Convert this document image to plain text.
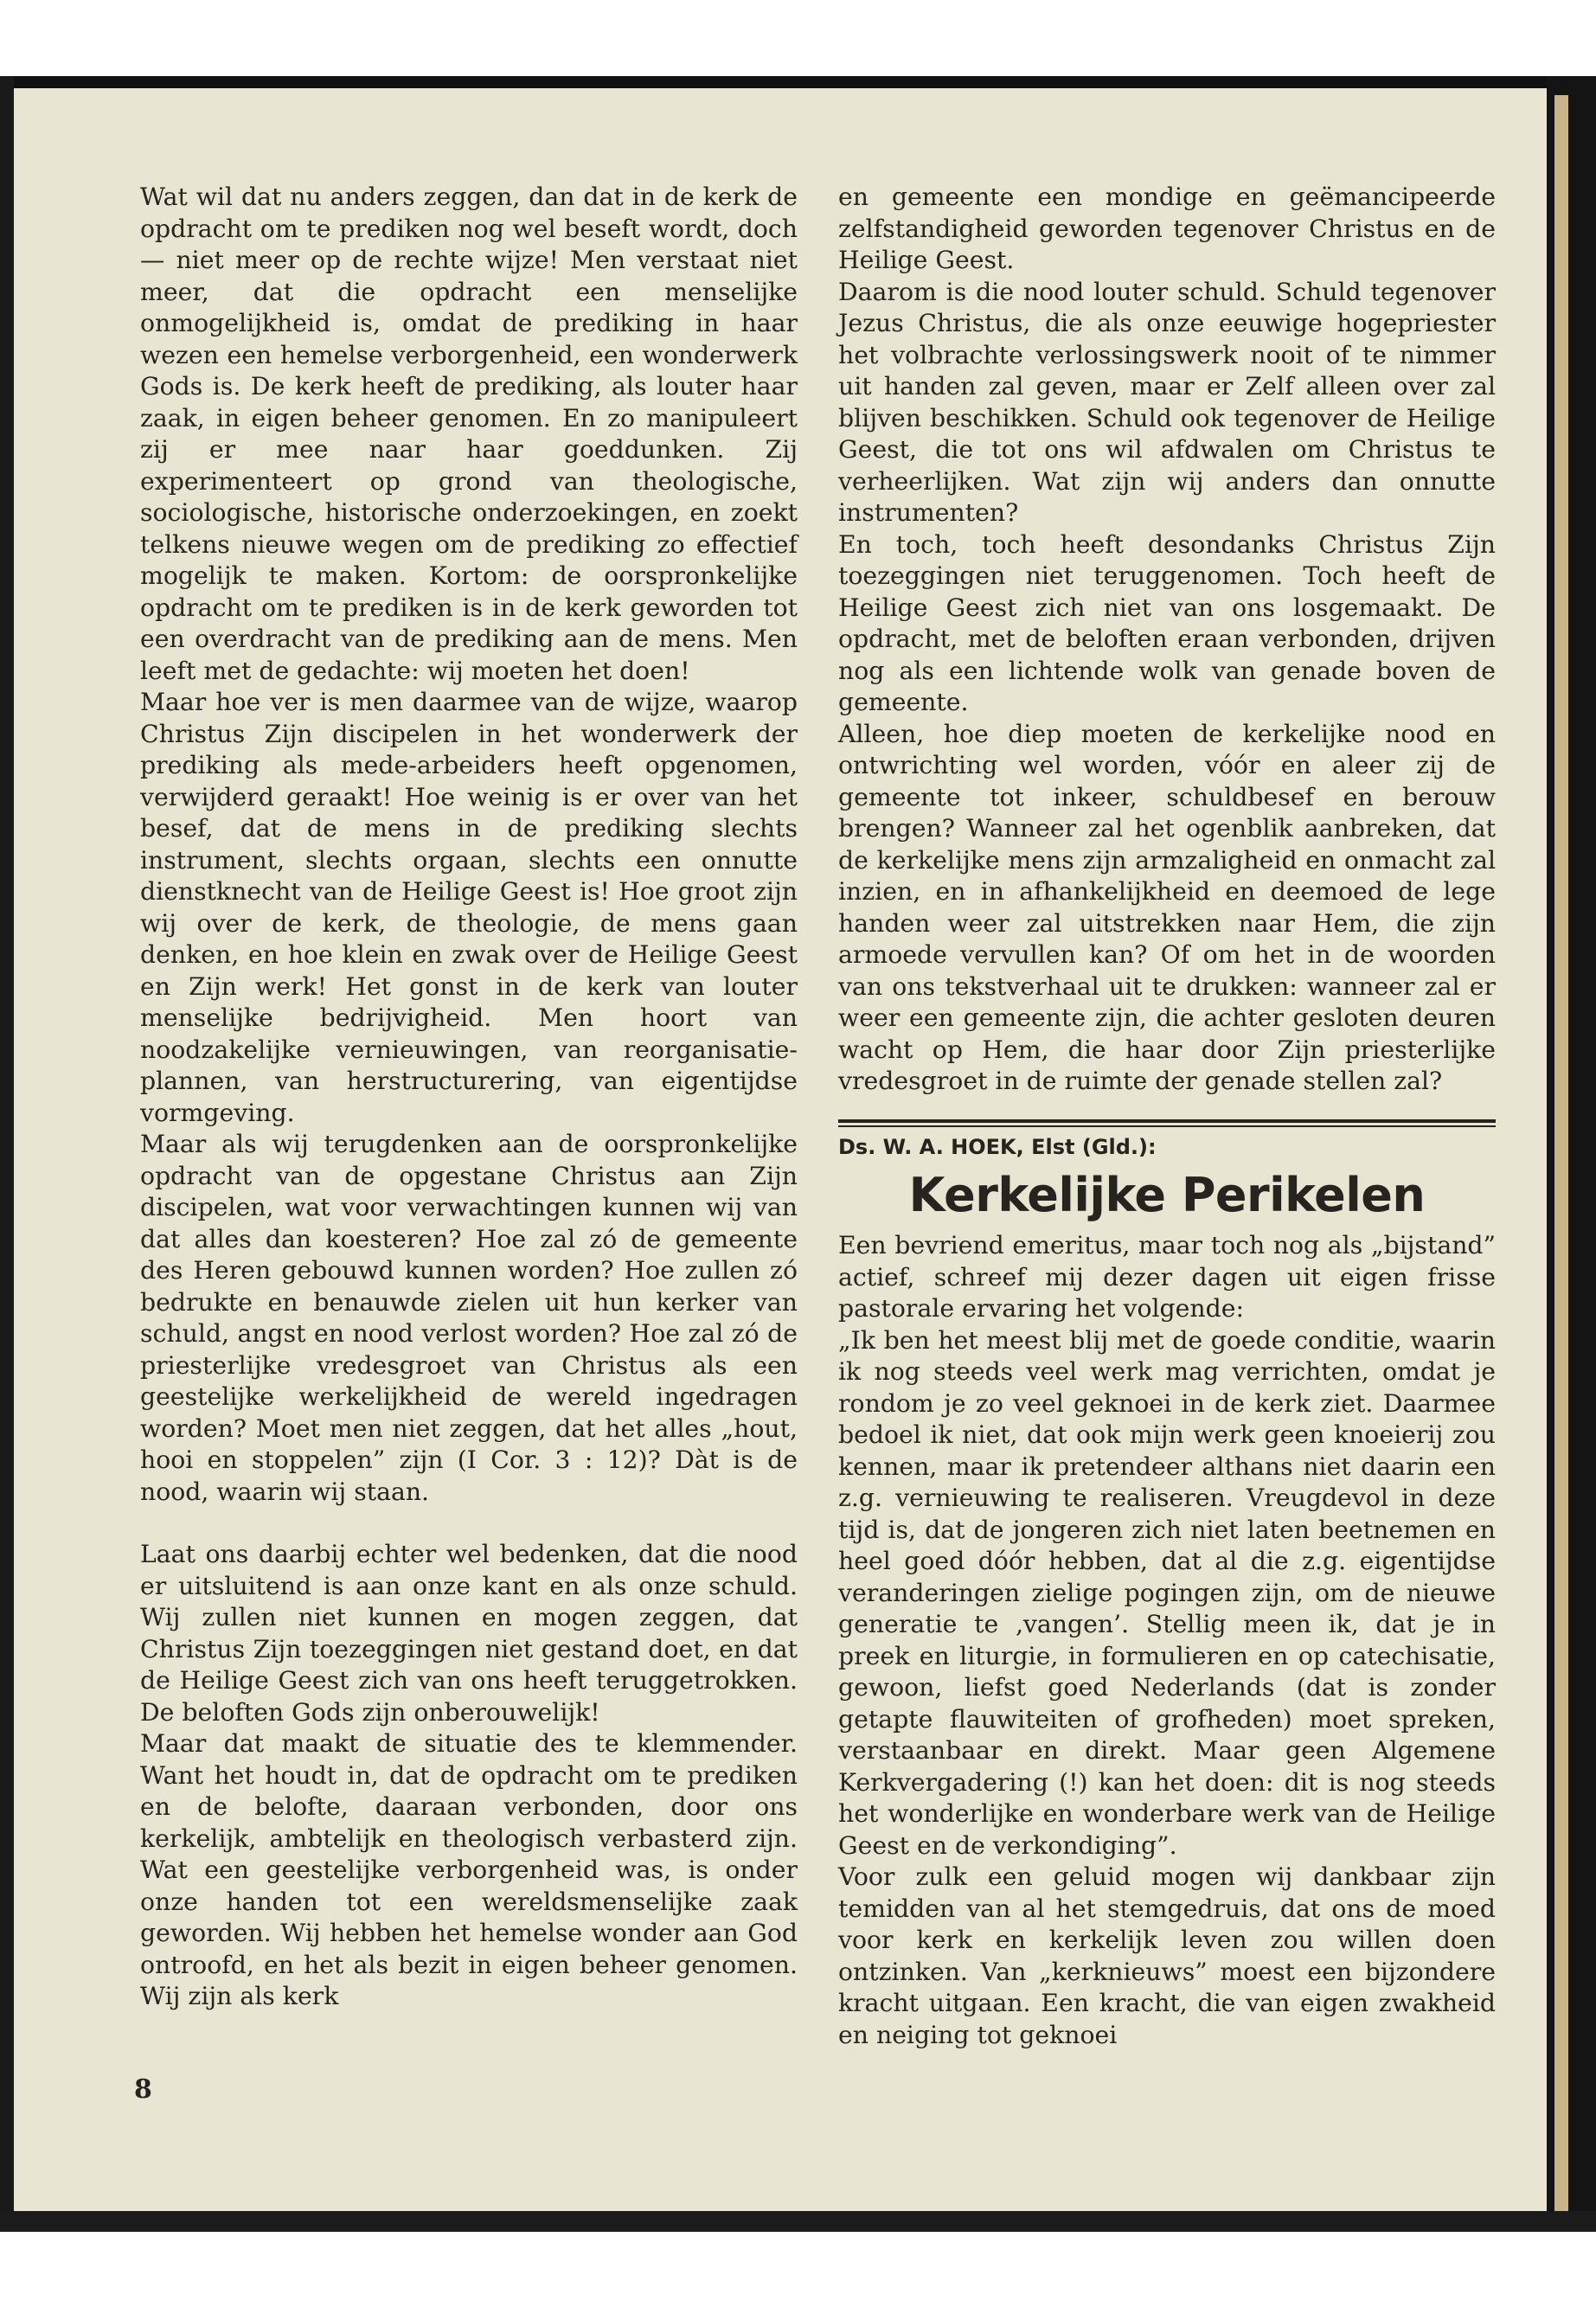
Wat wil dat nu anders zeggen, dan dat in de kerk de opdracht om te prediken nog wel beseft wordt, doch — niet meer op de rechte wijze! Men verstaat niet meer, dat die opdracht een menselijke onmogelijkheid is, omdat de prediking in haar wezen een hemelse verborgenheid, een wonderwerk Gods is. De kerk heeft de prediking, als louter haar zaak, in eigen beheer genomen. En zo manipuleert zij er mee naar haar goeddunken. Zij experimenteert op grond van theologische, sociologische, historische onderzoekingen, en zoekt telkens nieuwe wegen om de prediking zo effectief mogelijk te maken. Kortom: de oorspronkelijke opdracht om te prediken is in de kerk geworden tot een overdracht van de prediking aan de mens. Men leeft met de gedachte: wij moeten het doen!

Maar hoe ver is men daarmee van de wijze, waarop Christus Zijn discipelen in het wonderwerk der prediking als mede-arbeiders heeft opgenomen, verwijderd geraakt! Hoe weinig is er over van het besef, dat de mens in de prediking slechts instrument, slechts orgaan, slechts een onnutte dienstknecht van de Heilige Geest is! Hoe groot zijn wij over de kerk, de theologie, de mens gaan denken, en hoe klein en zwak over de Heilige Geest en Zijn werk! Het gonst in de kerk van louter menselijke bedrijvigheid. Men hoort van noodzakelijke vernieuwingen, van reorganisatie-plannen, van herstructurering, van eigentijdse vormgeving.

Maar als wij terugdenken aan de oorspronkelijke opdracht van de opgestane Christus aan Zijn discipelen, wat voor verwachtingen kunnen wij van dat alles dan koesteren? Hoe zal zó de gemeente des Heren gebouwd kunnen worden? Hoe zullen zó bedrukte en benauwde zielen uit hun kerker van schuld, angst en nood verlost worden? Hoe zal zó de priesterlijke vredesgroet van Christus als een geestelijke werkelijkheid de wereld ingedragen worden? Moet men niet zeggen, dat het alles „hout, hooi en stoppelen” zijn (I Cor. 3 : 12)? Dàt is de nood, waarin wij staan.

Laat ons daarbij echter wel bedenken, dat die nood er uitsluitend is aan onze kant en als onze schuld. Wij zullen niet kunnen en mogen zeggen, dat Christus Zijn toezeggingen niet gestand doet, en dat de Heilige Geest zich van ons heeft teruggetrokken. De beloften Gods zijn onberouwelijk!

Maar dat maakt de situatie des te klemmender. Want het houdt in, dat de opdracht om te prediken en de belofte, daaraan verbonden, door ons kerkelijk, ambtelijk en theologisch verbasterd zijn. Wat een geestelijke verborgenheid was, is onder onze handen tot een wereldsmenselijke zaak geworden. Wij hebben het hemelse wonder aan God ontroofd, en het als bezit in eigen beheer genomen. Wij zijn als kerk

en gemeente een mondige en geëmancipeerde zelfstandigheid geworden tegenover Christus en de Heilige Geest.

Daarom is die nood louter schuld. Schuld tegenover Jezus Christus, die als onze eeuwige hogepriester het volbrachte verlossingswerk nooit of te nimmer uit handen zal geven, maar er Zelf alleen over zal blijven beschikken. Schuld ook tegenover de Heilige Geest, die tot ons wil afdwalen om Christus te verheerlijken. Wat zijn wij anders dan onnutte instrumenten?

En toch, toch heeft desondanks Christus Zijn toezeggingen niet teruggenomen. Toch heeft de Heilige Geest zich niet van ons losgemaakt. De opdracht, met de beloften eraan verbonden, drijven nog als een lichtende wolk van genade boven de gemeente.

Alleen, hoe diep moeten de kerkelijke nood en ontwrichting wel worden, vóór en aleer zij de gemeente tot inkeer, schuldbesef en berouw brengen? Wanneer zal het ogenblik aanbreken, dat de kerkelijke mens zijn armzaligheid en onmacht zal inzien, en in afhankelijkheid en deemoed de lege handen weer zal uitstrekken naar Hem, die zijn armoede vervullen kan? Of om het in de woorden van ons tekstverhaal uit te drukken: wanneer zal er weer een gemeente zijn, die achter gesloten deuren wacht op Hem, die haar door Zijn priesterlijke vredesgroet in de ruimte der genade stellen zal?

Ds. W. A. HOEK, Elst (Gld.):
Kerkelijke Perikelen

Een bevriend emeritus, maar toch nog als „bijstand” actief, schreef mij dezer dagen uit eigen frisse pastorale ervaring het volgende:

„Ik ben het meest blij met de goede conditie, waarin ik nog steeds veel werk mag verrichten, omdat je rondom je zo veel geknoei in de kerk ziet. Daarmee bedoel ik niet, dat ook mijn werk geen knoeierij zou kennen, maar ik pretendeer althans niet daarin een z.g. vernieuwing te realiseren. Vreugdevol in deze tijd is, dat de jongeren zich niet laten beetnemen en heel goed dóór hebben, dat al die z.g. eigentijdse veranderingen zielige pogingen zijn, om de nieuwe generatie te ‚vangen’. Stellig meen ik, dat je in preek en liturgie, in formulieren en op catechisatie, gewoon, liefst goed Nederlands (dat is zonder getapte flauwiteiten of grofheden) moet spreken, verstaanbaar en direkt. Maar geen Algemene Kerkvergadering (!) kan het doen: dit is nog steeds het wonderlijke en wonderbare werk van de Heilige Geest en de verkondiging”.

Voor zulk een geluid mogen wij dankbaar zijn temidden van al het stemgedruis, dat ons de moed voor kerk en kerkelijk leven zou willen doen ontzinken. Van „kerknieuws” moest een bijzondere kracht uitgaan. Een kracht, die van eigen zwakheid en neiging tot geknoei

8
